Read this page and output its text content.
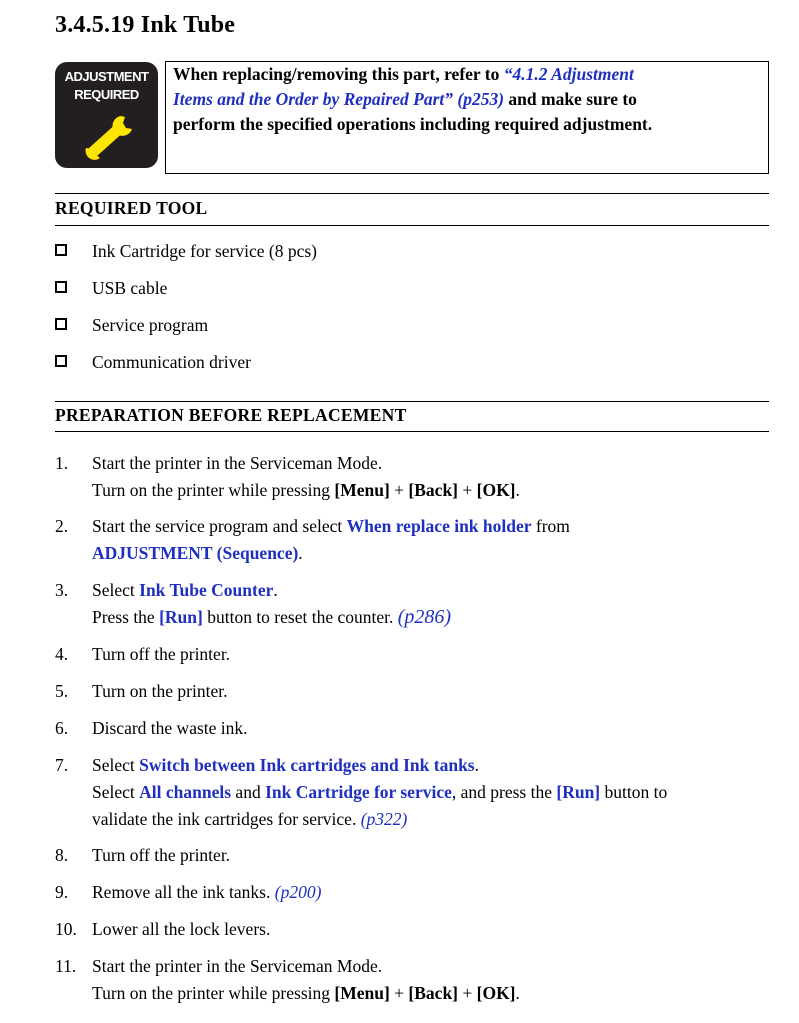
3.4.5.19 Ink Tube
ADJUSTMENT
REQUIRED
When replacing/removing this part, refer to “4.1.2 Adjustment
Items and the Order by Repaired Part” (p253) and make sure to
perform the specified operations including required adjustment.
REQUIRED TOOL
Ink Cartridge for service (8 pcs)
USB cable
Service program
Communication driver
PREPARATION BEFORE REPLACEMENT
1. Start the printer in the Serviceman Mode.
Turn on the printer while pressing [Menu] + [Back] + [OK].
2. Start the service program and select When replace ink holder from
ADJUSTMENT (Sequence).
3. Select Ink Tube Counter.
Press the [Run] button to reset the counter. (p286)
4. Turn off the printer.
5. Turn on the printer.
6. Discard the waste ink.
7. Select Switch between Ink cartridges and Ink tanks.
Select All channels and Ink Cartridge for service, and press the [Run] button to
validate the ink cartridges for service. (p322)
8. Turn off the printer.
9. Remove all the ink tanks. (p200)
10. Lower all the lock levers.
11. Start the printer in the Serviceman Mode.
Turn on the printer while pressing [Menu] + [Back] + [OK].
